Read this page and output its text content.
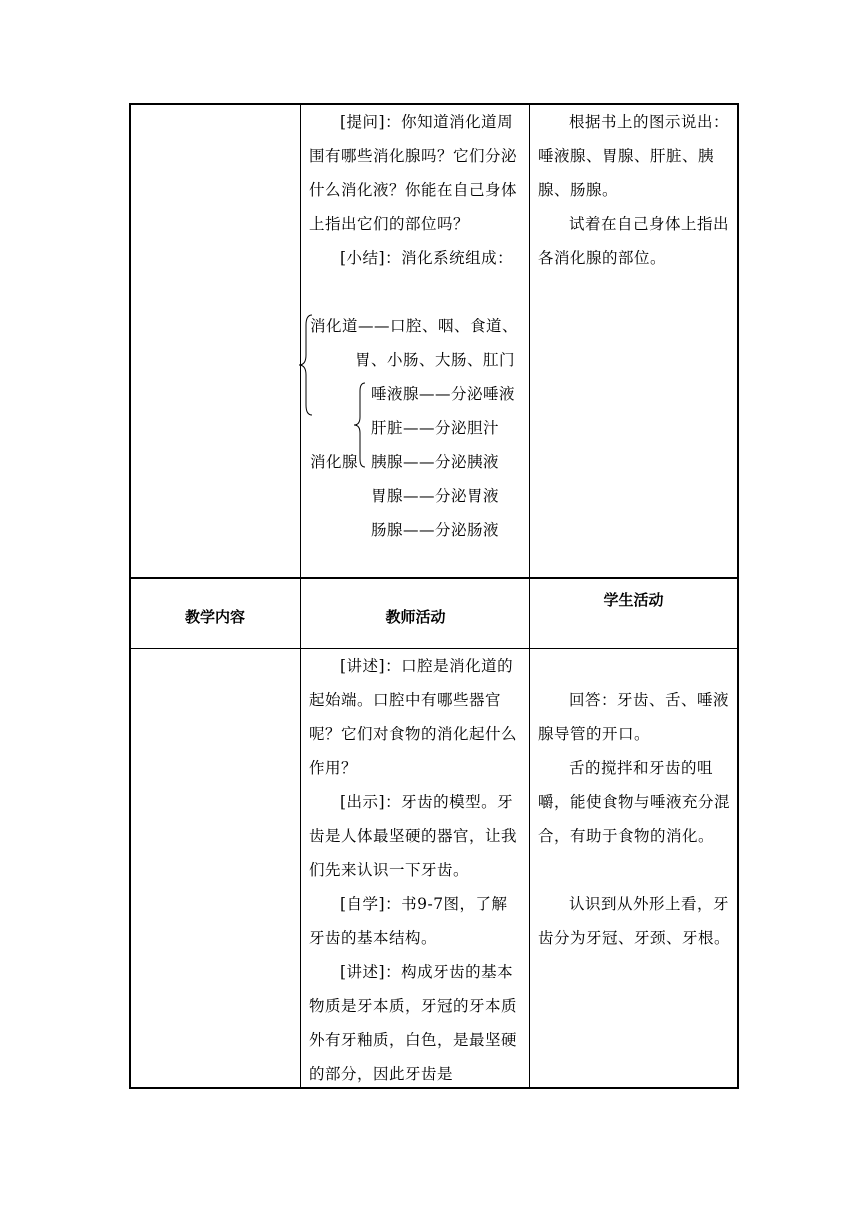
[提问]：你知道消化道周围有哪些消化腺吗？它们分泌什么消化液？你能在自己身体上指出它们的部位吗？

[小结]：消化系统组成：

消化道——口腔、咽、食道、
胃、小肠、大肠、肛门
消化腺
唾液腺——分泌唾液
肝脏——分泌胆汁
胰腺——分泌胰液
胃腺——分泌胃液
肠腺——分泌肠液

根据书上的图示说出：唾液腺、胃腺、肝脏、胰腺、肠腺。

试着在自己身体上指出各消化腺的部位。

教学内容	教师活动
学生活动

[讲述]：口腔是消化道的起始端。口腔中有哪些器官呢？它们对食物的消化起什么作用？

[出示]：牙齿的模型。牙齿是人体最坚硬的器官，让我们先来认识一下牙齿。

[自学]：书9-7图，了解牙齿的基本结构。

[讲述]：构成牙齿的基本物质是牙本质，牙冠的牙本质外有牙釉质，白色，是最坚硬的部分，因此牙齿是

回答：牙齿、舌、唾液腺导管的开口。

舌的搅拌和牙齿的咀嚼，能使食物与唾液充分混合，有助于食物的消化。

认识到从外形上看，牙齿分为牙冠、牙颈、牙根。
